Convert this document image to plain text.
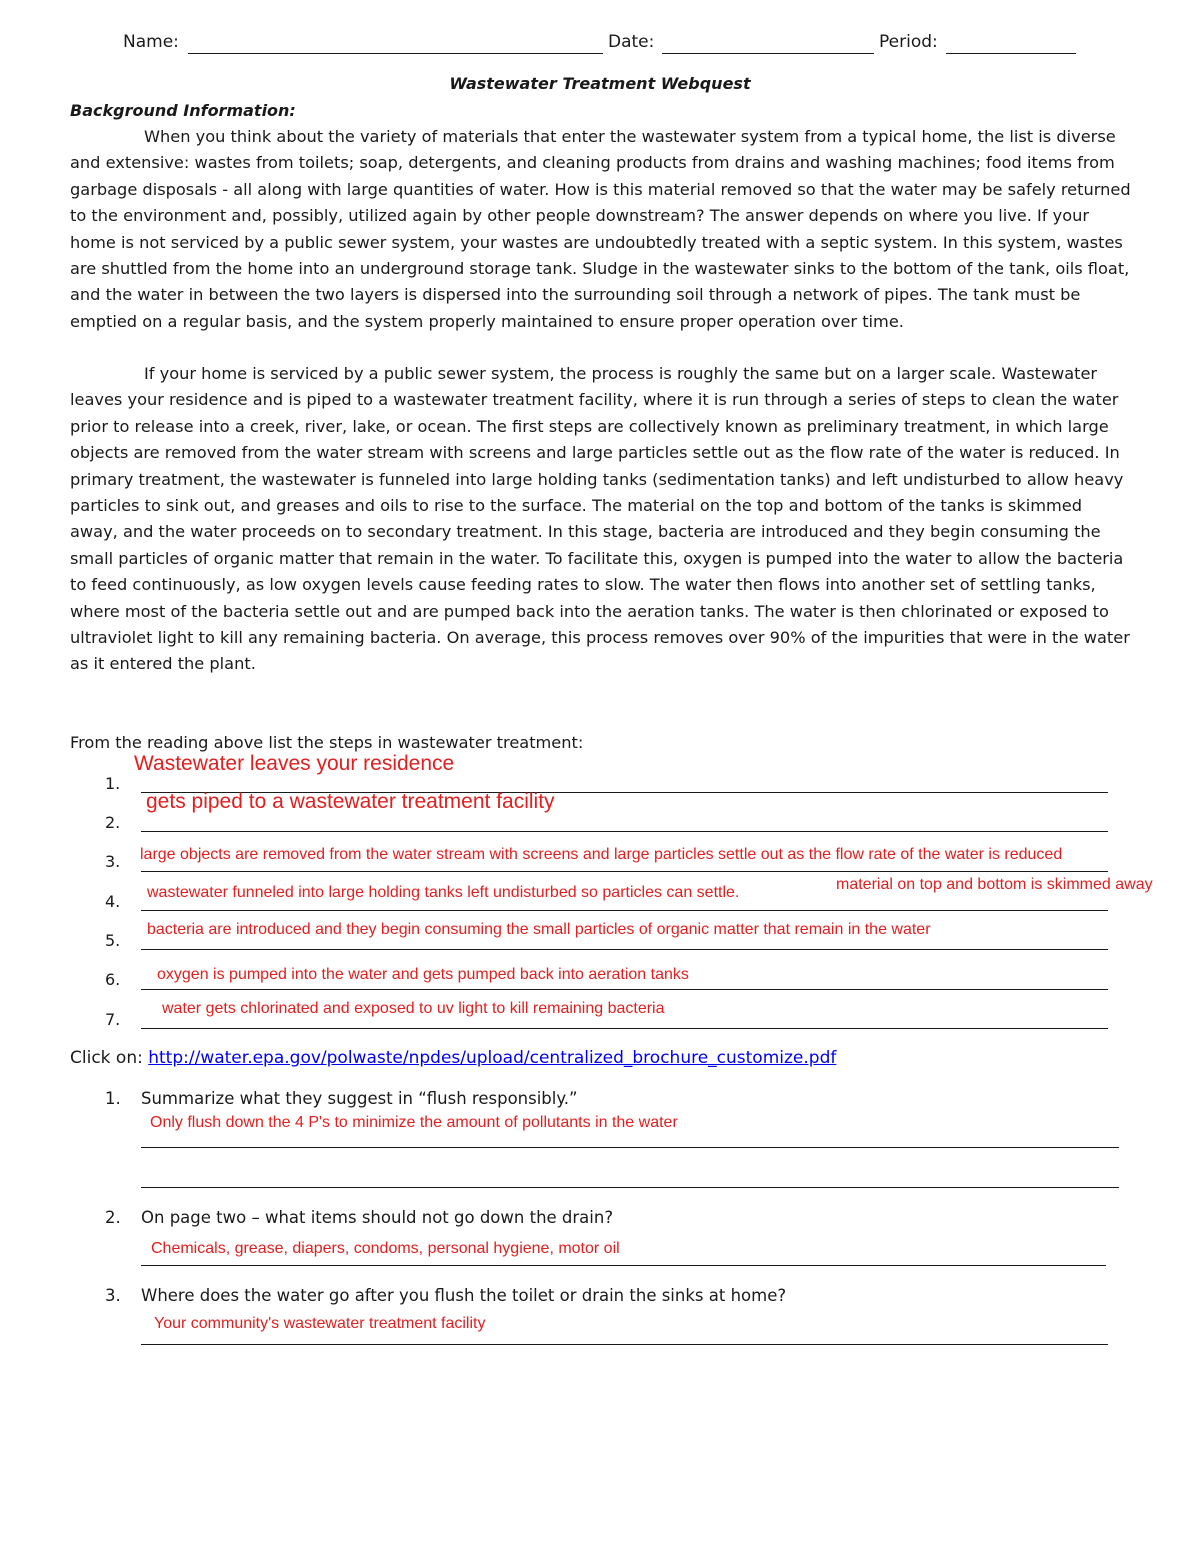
Name:	Date:	Period:
Wastewater Treatment Webquest
Background Information:
When you think about the variety of materials that enter the wastewater system from a typical home, the list is diverse and extensive: wastes from toilets; soap, detergents, and cleaning products from drains and washing machines; food items from garbage disposals - all along with large quantities of water. How is this material removed so that the water may be safely returned to the environment and, possibly, utilized again by other people downstream? The answer depends on where you live. If your home is not serviced by a public sewer system, your wastes are undoubtedly treated with a septic system. In this system, wastes are shuttled from the home into an underground storage tank. Sludge in the wastewater sinks to the bottom of the tank, oils float, and the water in between the two layers is dispersed into the surrounding soil through a network of pipes. The tank must be emptied on a regular basis, and the system properly maintained to ensure proper operation over time.
If your home is serviced by a public sewer system, the process is roughly the same but on a larger scale. Wastewater leaves your residence and is piped to a wastewater treatment facility, where it is run through a series of steps to clean the water prior to release into a creek, river, lake, or ocean. The first steps are collectively known as preliminary treatment, in which large objects are removed from the water stream with screens and large particles settle out as the flow rate of the water is reduced. In primary treatment, the wastewater is funneled into large holding tanks (sedimentation tanks) and left undisturbed to allow heavy particles to sink out, and greases and oils to rise to the surface. The material on the top and bottom of the tanks is skimmed away, and the water proceeds on to secondary treatment. In this stage, bacteria are introduced and they begin consuming the small particles of organic matter that remain in the water. To facilitate this, oxygen is pumped into the water to allow the bacteria to feed continuously, as low oxygen levels cause feeding rates to slow. The water then flows into another set of settling tanks, where most of the bacteria settle out and are pumped back into the aeration tanks. The water is then chlorinated or exposed to ultraviolet light to kill any remaining bacteria. On average, this process removes over 90% of the impurities that were in the water as it entered the plant.
From the reading above list the steps in wastewater treatment:
1.
Wastewater leaves your residence
2.
gets piped to a wastewater treatment facility
3. large objects are removed from the water stream with screens and large particles settle out as the flow rate of the water is reduced
4. wastewater funneled into large holding tanks left undisturbed so particles can settle.	material on top and bottom is skimmed away
5.
bacteria are introduced and they begin consuming the small particles of organic matter that remain in the water
6. oxygen is pumped into the water and gets pumped back into aeration tanks
7.
water gets chlorinated and exposed to uv light to kill remaining bacteria
Click on: http://water.epa.gov/polwaste/npdes/upload/centralized_brochure_customize.pdf
1. Summarize what they suggest in “flush responsibly.”
Only flush down the 4 P's to minimize the amount of pollutants in the water
2. On page two – what items should not go down the drain?
Chemicals, grease, diapers, condoms, personal hygiene, motor oil
3. Where does the water go after you flush the toilet or drain the sinks at home?
Your community's wastewater treatment facility
